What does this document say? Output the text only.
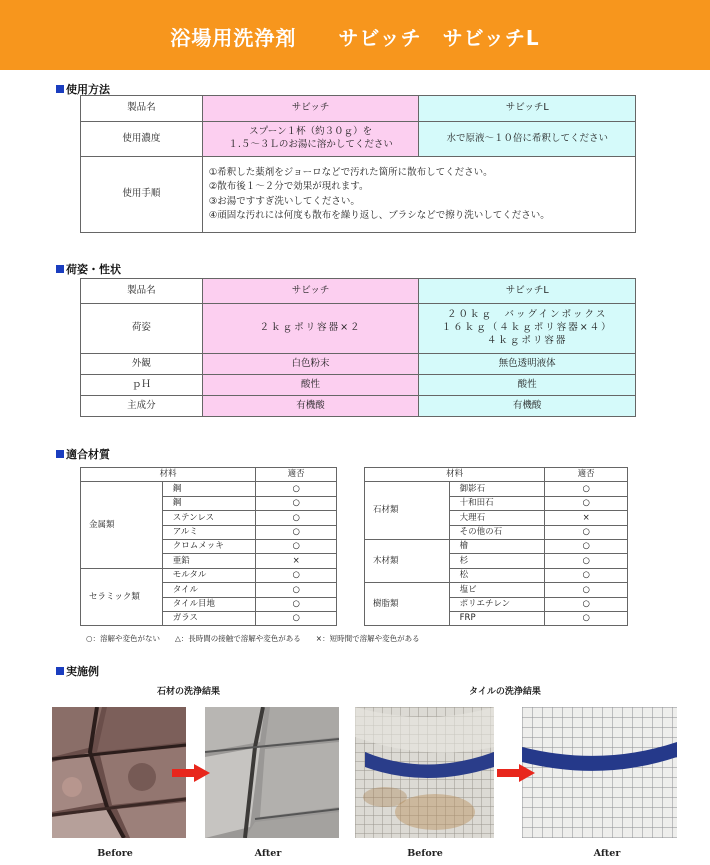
浴場用洗浄剤　　サビッチ　サビッチL
使用方法
製品名	サビッチ	サビッチL
使用濃度	スプーン１杯（約３０ｇ）を
１.５～３Ｌのお湯に溶かしてください	水で原液～１０倍に希釈してください
使用手順	①希釈した薬剤をジョーロなどで汚れた箇所に散布してください。
②散布後１～２分で効果が現れます。
③お湯ですすぎ洗いしてください。
④頑固な汚れには何度も散布を繰り返し、ブラシなどで擦り洗いしてください。	
荷姿・性状
製品名	サビッチ	サビッチL
荷姿	２ｋｇポリ容器×２	２０ｋｇ　バッグインボックス
１６ｋｇ（４ｋｇポリ容器×４）
４ｋｇポリ容器

外観	白色粉末	無色透明液体
ｐＨ	酸性	酸性
主成分	有機酸	有機酸
適合材質
材料		適否
金属類	鋼	○
	鋼	○
	ステンレス	○
	アルミ	○
	クロムメッキ	○
	亜鉛	×
セラミック類	モルタル	○
	タイル	○
	タイル目地	○
	ガラス	○
材料		適否
石材類	御影石	○
	十和田石	○
	大理石	×
	その他の石	○
木材類	檜	○
	杉	○
	松	○
樹脂類	塩ビ	○
	ポリエチレン	○
	FRP	○
○：溶解や変色がない　　△：長時間の接触で溶解や変色がある　　×：短時間で溶解や変色がある
実施例
石材の洗浄結果	タイルの洗浄結果
Before	After	Before	After
